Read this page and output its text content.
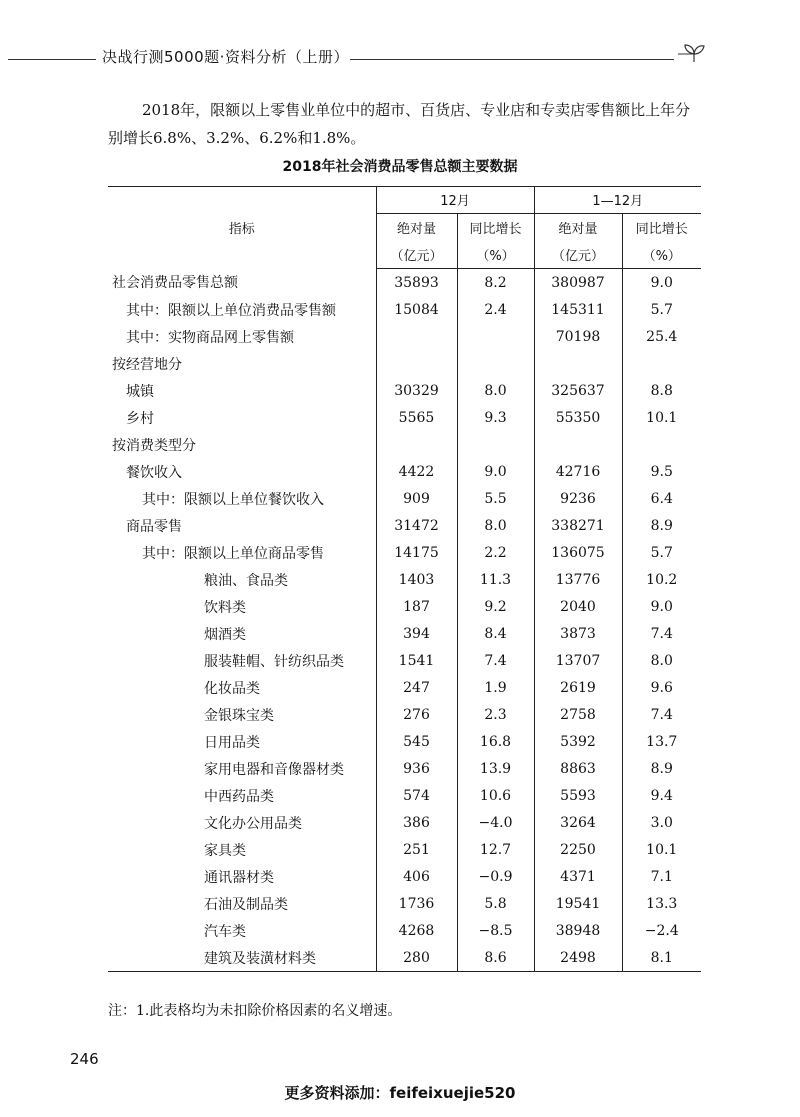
决战行测5000题·资料分析（上册）
2018年，限额以上零售业单位中的超市、百货店、专业店和专卖店零售额比上年分别增长6.8%、3.2%、6.2%和1.8%。
2018年社会消费品零售总额主要数据
	12月		1—12月	
指标	绝对量	同比增长	绝对量	同比增长
	（亿元）	（%）	（亿元）	（%）
社会消费品零售总额	35893	8.2	380987	9.0
其中：限额以上单位消费品零售额	15084	2.4	145311	5.7
其中：实物商品网上零售额			70198	25.4
按经营地分				
城镇	30329	8.0	325637	8.8
乡村	5565	9.3	55350	10.1
按消费类型分				
餐饮收入	4422	9.0	42716	9.5
其中：限额以上单位餐饮收入	909	5.5	9236	6.4
商品零售	31472	8.0	338271	8.9
其中：限额以上单位商品零售	14175	2.2	136075	5.7
粮油、食品类	1403	11.3	13776	10.2
饮料类	187	9.2	2040	9.0
烟酒类	394	8.4	3873	7.4
服装鞋帽、针纺织品类	1541	7.4	13707	8.0
化妆品类	247	1.9	2619	9.6
金银珠宝类	276	2.3	2758	7.4
日用品类	545	16.8	5392	13.7
家用电器和音像器材类	936	13.9	8863	8.9
中西药品类	574	10.6	5593	9.4
文化办公用品类	386	−4.0	3264	3.0
家具类	251	12.7	2250	10.1
通讯器材类	406	−0.9	4371	7.1
石油及制品类	1736	5.8	19541	13.3
汽车类	4268	−8.5	38948	−2.4
建筑及装潢材料类	280	8.6	2498	8.1
注：1.此表格均为未扣除价格因素的名义增速。
246
更多资料添加：feifeixuejie520
